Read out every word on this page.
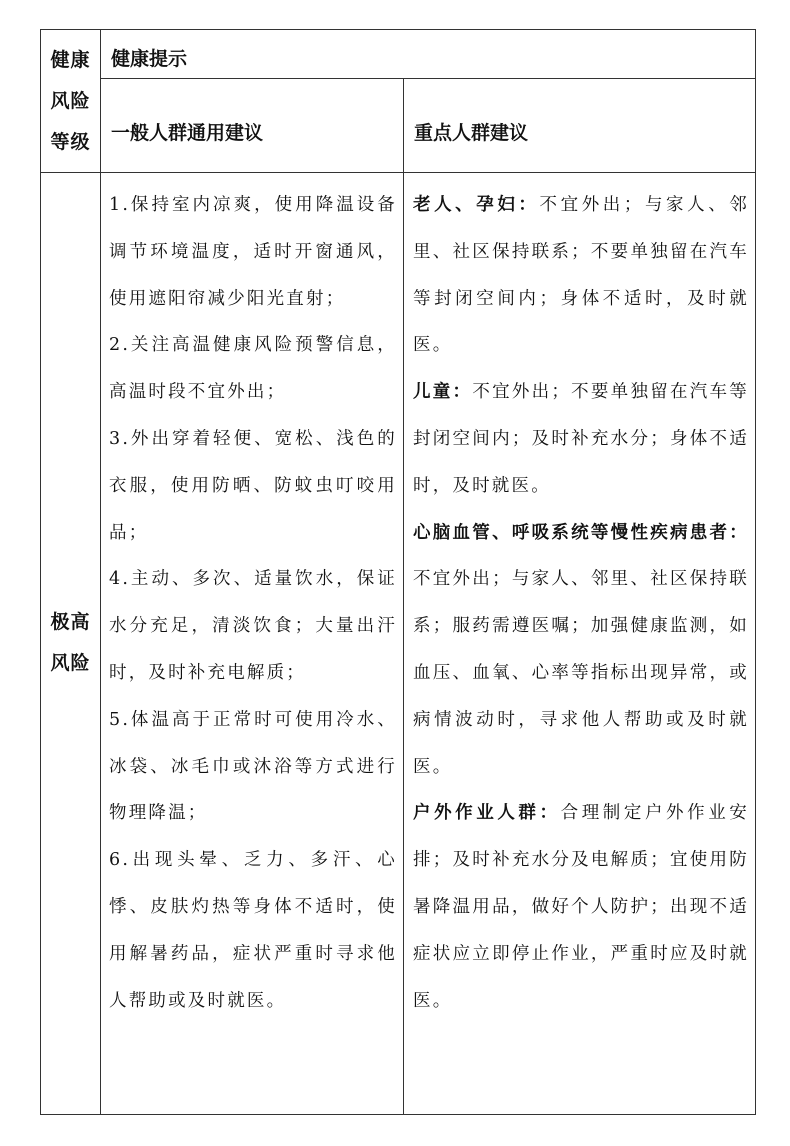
健康
风险
等级
健康提示
一般人群通用建议	重点人群建议
极高
风险

1.保持室内凉爽，使用降温设备调节环境温度，适时开窗通风，使用遮阳帘减少阳光直射；

2.关注高温健康风险预警信息，高温时段不宜外出；

3.外出穿着轻便、宽松、浅色的衣服，使用防晒、防蚊虫叮咬用品；

4.主动、多次、适量饮水，保证水分充足，清淡饮食；大量出汗时，及时补充电解质；

5.体温高于正常时可使用冷水、冰袋、冰毛巾或沐浴等方式进行物理降温；

6.出现头晕、乏力、多汗、心悸、皮肤灼热等身体不适时，使用解暑药品，症状严重时寻求他人帮助或及时就医。

老人、孕妇：不宜外出；与家人、邻里、社区保持联系；不要单独留在汽车等封闭空间内；身体不适时，及时就医。

儿童：不宜外出；不要单独留在汽车等封闭空间内；及时补充水分；身体不适时，及时就医。

心脑血管、呼吸系统等慢性疾病患者：不宜外出；与家人、邻里、社区保持联系；服药需遵医嘱；加强健康监测，如血压、血氧、心率等指标出现异常，或病情波动时，寻求他人帮助或及时就医。

户外作业人群：合理制定户外作业安排；及时补充水分及电解质；宜使用防暑降温用品，做好个人防护；出现不适症状应立即停止作业，严重时应及时就医。
